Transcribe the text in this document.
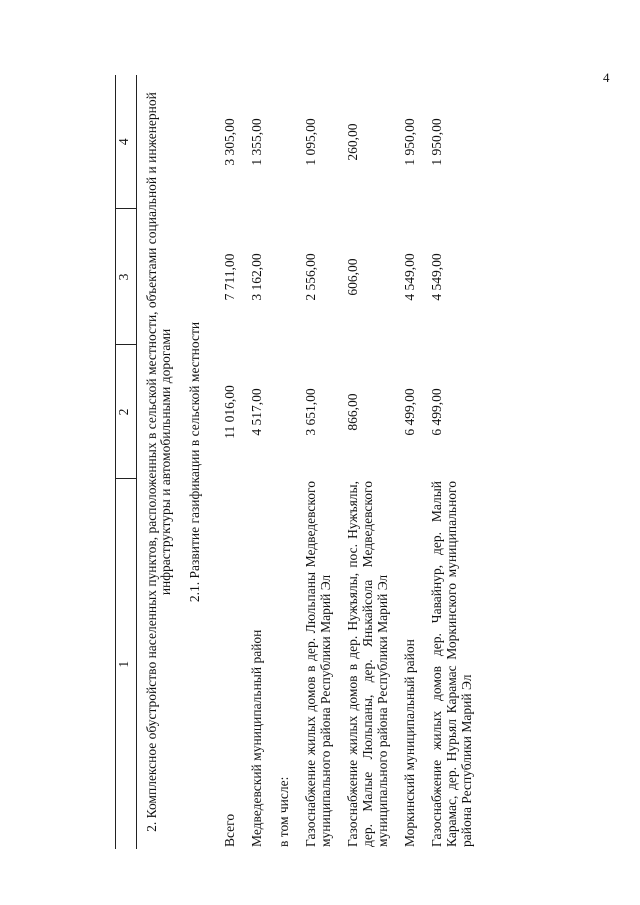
4
1	2	3	4
2. Комплексное обустройство населенных пунктов, расположенных в сельской местности, объектами социальной и инженерной инфраструктуры и автомобильными дорогами			
2.1. Развитие газификации в сельской местности			
Всего	11 016,00	7 711,00	3 305,00
Медведевский муниципальный район	4 517,00	3 162,00	1 355,00
в том числе:			
Газоснабжение жилых домов в дер. Люльпаны Медведевского муниципального района Республики Марий Эл	3 651,00	2 556,00	1 095,00
Газоснабжение жилых домов в дер. Нужъялы, пос. Нужъялы, дер. Малые Люльпаны, дер. Янькайсола Медведевского муниципального района Республики Марий Эл	866,00	606,00	260,00
Моркинский муниципальный район	6 499,00	4 549,00	1 950,00
Газоснабжение жилых домов дер. Чавайнур, дер. Малый Карамас, дер. Нурьял Карамас Моркинского муниципального района Республики Марий Эл	6 499,00	4 549,00	1 950,00
